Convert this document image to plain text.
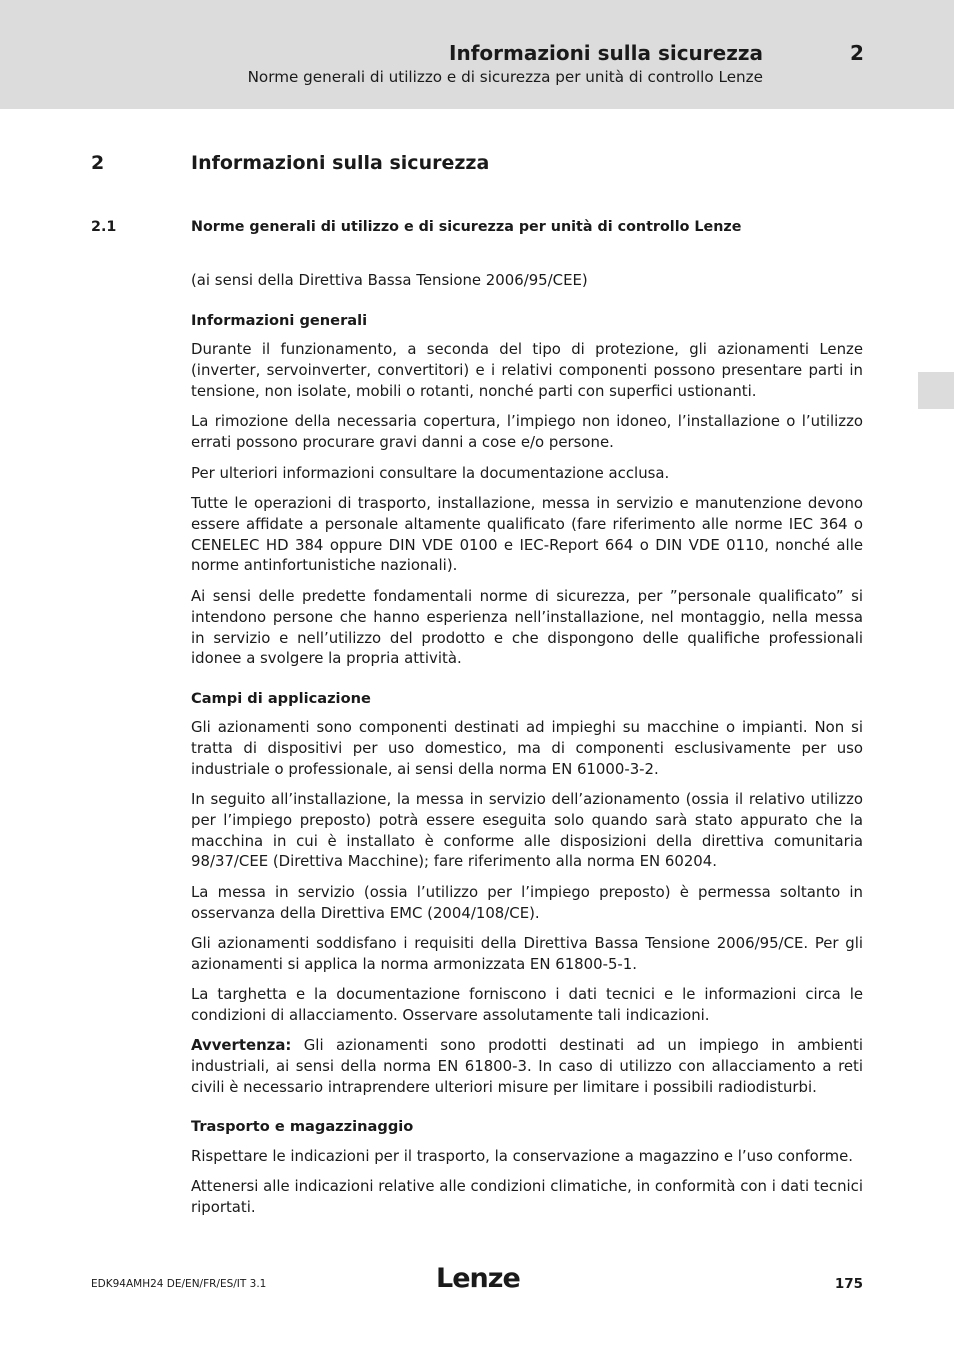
Informazioni sulla sicurezza	2
Norme generali di utilizzo e di sicurezza per unità di controllo Lenze
2	Informazioni sulla sicurezza
2.1	Norme generali di utilizzo e di sicurezza per unità di controllo Lenze

(ai sensi della Direttiva Bassa Tensione 2006/95/CEE)

Informazioni generali

Durante il funzionamento, a seconda del tipo di protezione, gli azionamenti Lenze (inverter, servoinverter, convertitori) e i relativi componenti possono presentare parti in tensione, non isolate, mobili o rotanti, nonché parti con superfici ustionanti.

La rimozione della necessaria copertura, l’impiego non idoneo, l’installazione o l’utilizzo errati possono procurare gravi danni a cose e/o persone.

Per ulteriori informazioni consultare la documentazione acclusa.

Tutte le operazioni di trasporto, installazione, messa in servizio e manutenzione devono essere affidate a personale altamente qualificato (fare riferimento alle norme IEC 364 o CENELEC HD 384 oppure DIN VDE 0100 e IEC-Report 664 o DIN VDE 0110, nonché alle norme antinfortunistiche nazionali).

Ai sensi delle predette fondamentali norme di sicurezza, per ”personale qualificato” si intendono persone che hanno esperienza nell’installazione, nel montaggio, nella messa in servizio e nell’utilizzo del prodotto e che dispongono delle qualifiche professionali idonee a svolgere la propria attività.

Campi di applicazione

Gli azionamenti sono componenti destinati ad impieghi su macchine o impianti. Non si tratta di dispositivi per uso domestico, ma di componenti esclusivamente per uso industriale o professionale, ai sensi della norma EN 61000-3-2.

In seguito all’installazione, la messa in servizio dell’azionamento (ossia il relativo utilizzo per l’impiego preposto) potrà essere eseguita solo quando sarà stato appurato che la macchina in cui è installato è conforme alle disposizioni della direttiva comunitaria 98/37/CEE (Direttiva Macchine); fare riferimento alla norma EN 60204.

La messa in servizio (ossia l’utilizzo per l’impiego preposto) è permessa soltanto in osservanza della Direttiva EMC (2004/108/CE).

Gli azionamenti soddisfano i requisiti della Direttiva Bassa Tensione 2006/95/CE. Per gli azionamenti si applica la norma armonizzata EN 61800-5-1.

La targhetta e la documentazione forniscono i dati tecnici e le informazioni circa le condizioni di allacciamento. Osservare assolutamente tali indicazioni.

Avvertenza: Gli azionamenti sono prodotti destinati ad un impiego in ambienti industriali, ai sensi della norma EN 61800-3. In caso di utilizzo con allacciamento a reti civili è necessario intraprendere ulteriori misure per limitare i possibili radiodisturbi.

Trasporto e magazzinaggio

Rispettare le indicazioni per il trasporto, la conservazione a magazzino e l’uso conforme.

Attenersi alle indicazioni relative alle condizioni climatiche, in conformità con i dati tecnici riportati.

EDK94AMH24 DE/EN/FR/ES/IT 3.1	Lenze	175
